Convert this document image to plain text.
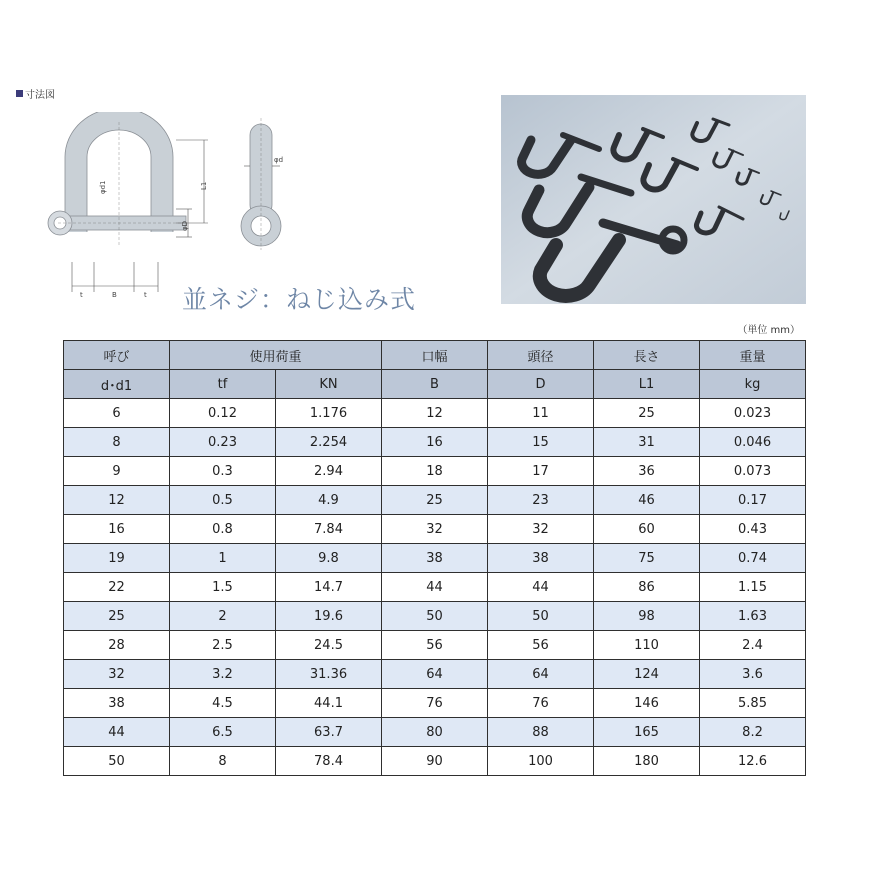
寸法図
φd1	L1
φD
t	B	t
φd
並ネジ：ねじ込み式
（単位 mm）
呼び	使用荷重		口幅	頭径	長さ	重量
d･d1	tf	KN	B	D	L1	kg
6	0.12	1.176	12	11	25	0.023
8	0.23	2.254	16	15	31	0.046
9	0.3	2.94	18	17	36	0.073
12	0.5	4.9	25	23	46	0.17
16	0.8	7.84	32	32	60	0.43
19	1	9.8	38	38	75	0.74
22	1.5	14.7	44	44	86	1.15
25	2	19.6	50	50	98	1.63
28	2.5	24.5	56	56	110	2.4
32	3.2	31.36	64	64	124	3.6
38	4.5	44.1	76	76	146	5.85
44	6.5	63.7	80	88	165	8.2
50	8	78.4	90	100	180	12.6
